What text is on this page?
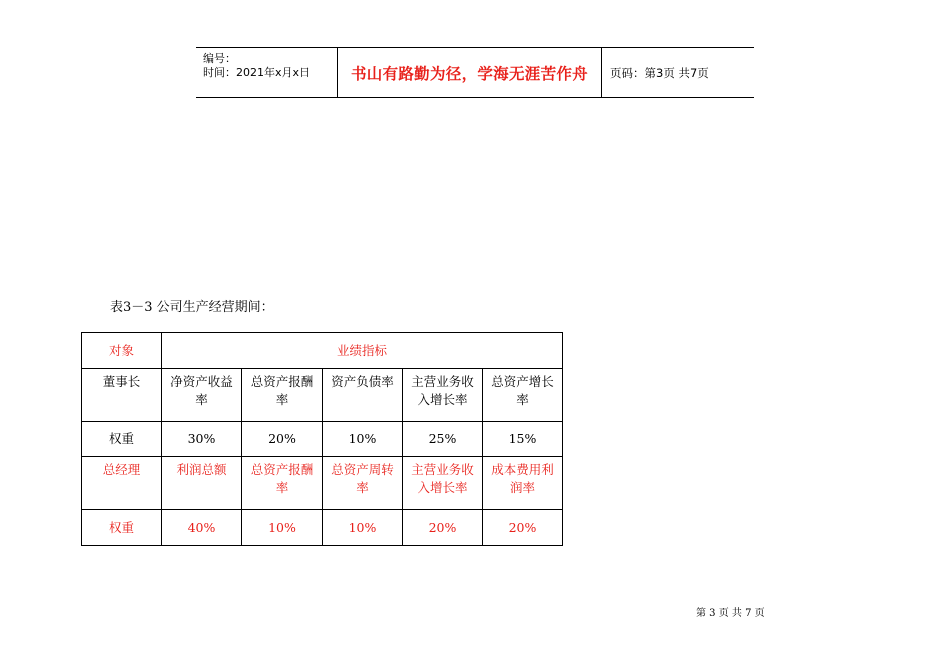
编号：
时间：2021年x月x日	书山有路勤为径，学海无涯苦作舟	页码：第3页 共7页
表3－3 公司生产经营期间：
对象	业绩指标				
董事长	净资产收益率	总资产报酬率	资产负债率	主营业务收入增长率	总资产增长率
权重	30%	20%	10%	25%	15%
总经理	利润总额	总资产报酬率	总资产周转率	主营业务收入增长率	成本费用利润率
权重	40%	10%	10%	20%	20%
第 3 页 共 7 页
